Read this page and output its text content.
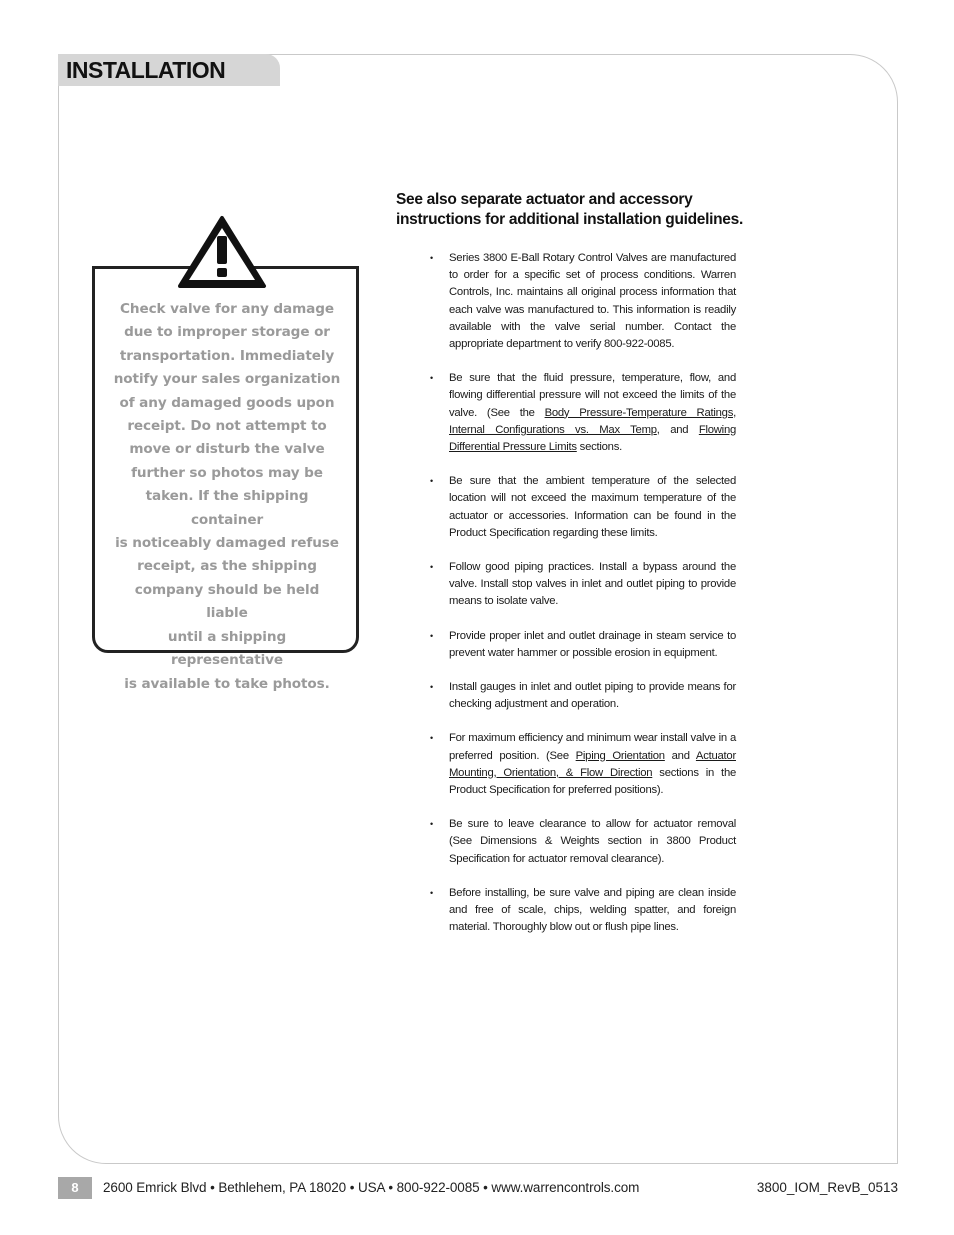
INSTALLATION
Check valve for any damage
due to improper storage or
transportation. Immediately
notify your sales organization
of any damaged goods upon
receipt. Do not attempt to
move or disturb the valve
further so photos may be
taken. If the shipping container
is noticeably damaged refuse
receipt, as the shipping
company should be held liable
until a shipping representative
is available to take photos.
See also separate actuator and accessory
instructions for additional installation guidelines.
• Series 3800 E-Ball Rotary Control Valves are manufactured to order for a specific set of process conditions. Warren Controls, Inc. maintains all original process information that each valve was manufactured to. This information is readily available with the valve serial number. Contact the appropriate department to verify 800-922-0085.
• Be sure that the fluid pressure, temperature, flow, and flowing differential pressure will not exceed the limits of the valve. (See the Body Pressure-Temperature Ratings, Internal Configurations vs. Max Temp, and Flowing Differential Pressure Limits sections.
• Be sure that the ambient temperature of the selected location will not exceed the maximum temperature of the actuator or accessories. Information can be found in the Product Specification regarding these limits.
• Follow good piping practices. Install a bypass around the valve. Install stop valves in inlet and outlet piping to provide means to isolate valve.
• Provide proper inlet and outlet drainage in steam service to prevent water hammer or possible erosion in equipment.
• Install gauges in inlet and outlet piping to provide means for checking adjustment and operation.
• For maximum efficiency and minimum wear install valve in a preferred position. (See Piping Orientation and Actuator Mounting, Orientation, & Flow Direction sections in the Product Specification for preferred positions).
• Be sure to leave clearance to allow for actuator removal (See Dimensions & Weights section in 3800 Product Specification for actuator removal clearance).
• Before installing, be sure valve and piping are clean inside and free of scale, chips, welding spatter, and foreign material. Thoroughly blow out or flush pipe lines.
8	2600 Emrick Blvd • Bethlehem, PA 18020 • USA • 800-922-0085 • www.warrencontrols.com	3800_IOM_RevB_0513
